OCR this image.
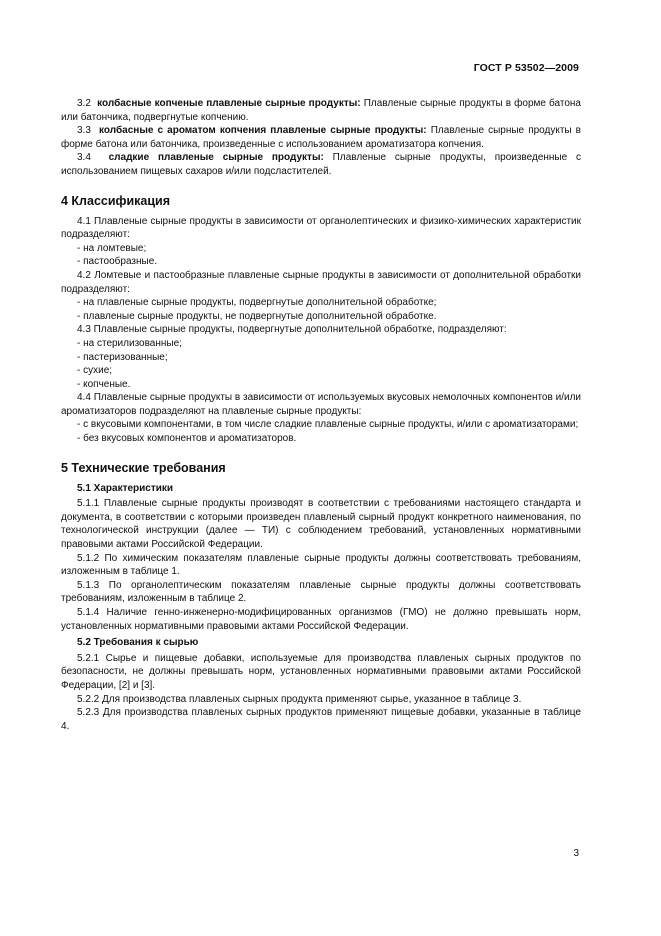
ГОСТ Р 53502—2009

3.2 колбасные копченые плавленые сырные продукты: Плавленые сырные продукты в форме батона или батончика, подвергнутые копчению.

3.3 колбасные с ароматом копчения плавленые сырные продукты: Плавленые сырные продукты в форме батона или батончика, произведенные с использованием ароматизатора копчения.

3.4 сладкие плавленые сырные продукты: Плавленые сырные продукты, произведенные с использованием пищевых сахаров и/или подсластителей.

4 Классификация

4.1 Плавленые сырные продукты в зависимости от органолептических и физико-химических характеристик подразделяют:

- на ломтевые;

- пастообразные.

4.2 Ломтевые и пастообразные плавленые сырные продукты в зависимости от дополнительной обработки подразделяют:

- на плавленые сырные продукты, подвергнутые дополнительной обработке;

- плавленые сырные продукты, не подвергнутые дополнительной обработке.

4.3 Плавленые сырные продукты, подвергнутые дополнительной обработке, подразделяют:

- на стерилизованные;

- пастеризованные;

- сухие;

- копченые.

4.4 Плавленые сырные продукты в зависимости от используемых вкусовых немолочных компонентов и/или ароматизаторов подразделяют на плавленые сырные продукты:

- с вкусовыми компонентами, в том числе сладкие плавленые сырные продукты, и/или с ароматизаторами;

- без вкусовых компонентов и ароматизаторов.

5 Технические требования
5.1 Характеристики

5.1.1 Плавленые сырные продукты производят в соответствии с требованиями настоящего стандарта и документа, в соответствии с которыми произведен плавленый сырный продукт конкретного наименования, по технологической инструкции (далее — ТИ) с соблюдением требований, установленных нормативными правовыми актами Российской Федерации.

5.1.2 По химическим показателям плавленые сырные продукты должны соответствовать требованиям, изложенным в таблице 1.

5.1.3 По органолептическим показателям плавленые сырные продукты должны соответствовать требованиям, изложенным в таблице 2.

5.1.4 Наличие генно-инженерно-модифицированных организмов (ГМО) не должно превышать норм, установленных нормативными правовыми актами Российской Федерации.

5.2 Требования к сырью

5.2.1 Сырье и пищевые добавки, используемые для производства плавленых сырных продуктов по безопасности, не должны превышать норм, установленных нормативными правовыми актами Российской Федерации, [2] и [3].

5.2.2 Для производства плавленых сырных продукта применяют сырье, указанное в таблице 3.

5.2.3 Для производства плавленых сырных продуктов применяют пищевые добавки, указанные в таблице 4.

3
